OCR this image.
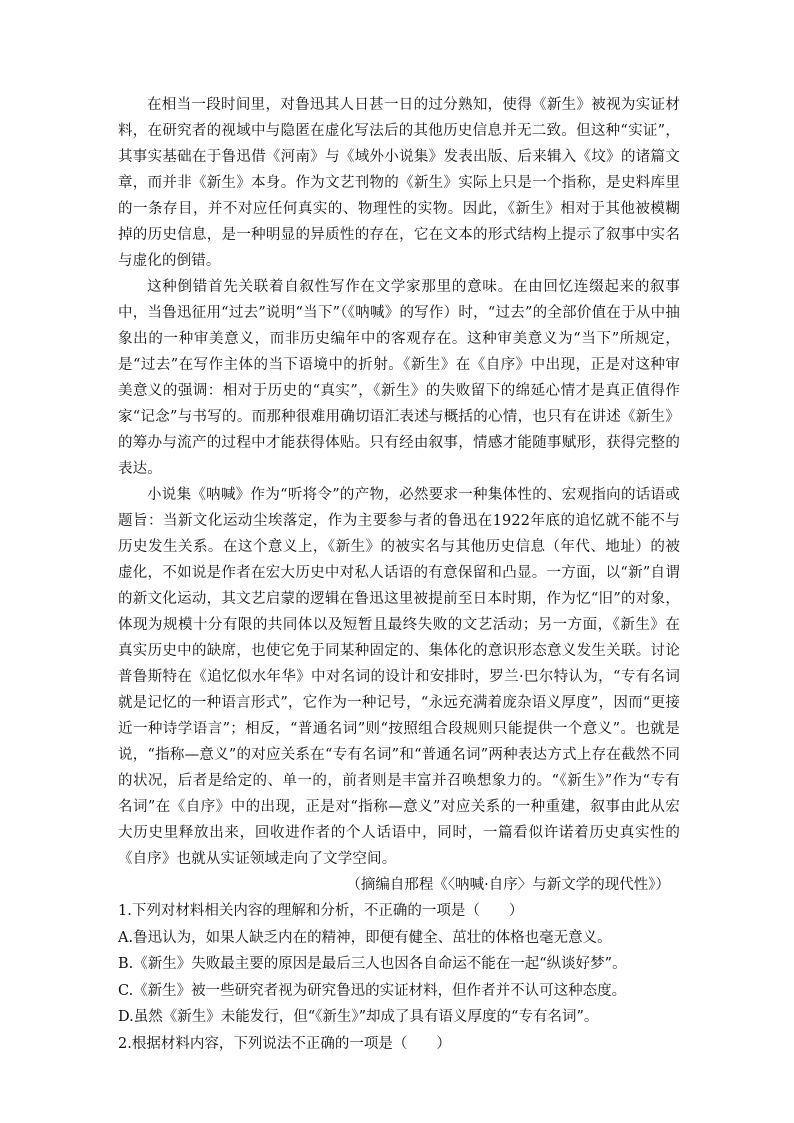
在相当一段时间里，对鲁迅其人日甚一日的过分熟知，使得《新生》被视为实证材料，在研究者的视域中与隐匿在虚化写法后的其他历史信息并无二致。但这种“实证”，其事实基础在于鲁迅借《河南》与《域外小说集》发表出版、后来辑入《坟》的诸篇文章，而并非《新生》本身。作为文艺刊物的《新生》实际上只是一个指称，是史料库里的一条存目，并不对应任何真实的、物理性的实物。因此，《新生》相对于其他被模糊掉的历史信息，是一种明显的异质性的存在，它在文本的形式结构上提示了叙事中实名与虚化的倒错。

这种倒错首先关联着自叙性写作在文学家那里的意味。在由回忆连缀起来的叙事中，当鲁迅征用“过去”说明“当下”（《呐喊》的写作）时，“过去”的全部价值在于从中抽象出的一种审美意义，而非历史编年中的客观存在。这种审美意义为“当下”所规定，是“过去”在写作主体的当下语境中的折射。《新生》在《自序》中出现，正是对这种审美意义的强调：相对于历史的“真实”，《新生》的失败留下的绵延心情才是真正值得作家“记念”与书写的。而那种很难用确切语汇表述与概括的心情，也只有在讲述《新生》的筹办与流产的过程中才能获得体贴。只有经由叙事，情感才能随事赋形，获得完整的表达。

小说集《呐喊》作为“听将令”的产物，必然要求一种集体性的、宏观指向的话语或题旨：当新文化运动尘埃落定，作为主要参与者的鲁迅在1922年底的追忆就不能不与历史发生关系。在这个意义上，《新生》的被实名与其他历史信息（年代、地址）的被虚化，不如说是作者在宏大历史中对私人话语的有意保留和凸显。一方面，以“新”自谓的新文化运动，其文艺启蒙的逻辑在鲁迅这里被提前至日本时期，作为忆“旧”的对象，体现为规模十分有限的共同体以及短暂且最终失败的文艺活动；另一方面，《新生》在真实历史中的缺席，也使它免于同某种固定的、集体化的意识形态意义发生关联。讨论普鲁斯特在《追忆似水年华》中对名词的设计和安排时，罗兰·巴尔特认为，“专有名词就是记忆的一种语言形式”，它作为一种记号，“永远充满着庞杂语义厚度”，因而“更接近一种诗学语言”；相反，“普通名词”则“按照组合段规则只能提供一个意义”。也就是说，“指称—意义”的对应关系在“专有名词”和“普通名词”两种表达方式上存在截然不同的状况，后者是给定的、单一的，前者则是丰富并召唤想象力的。“《新生》”作为“专有名词”在《自序》中的出现，正是对“指称—意义”对应关系的一种重建，叙事由此从宏大历史里释放出来，回收进作者的个人话语中，同时，一篇看似许诺着历史真实性的《自序》也就从实证领域走向了文学空间。

（摘编自邢程《〈呐喊·自序〉与新文学的现代性》）

1.下列对材料相关内容的理解和分析，不正确的一项是（　　）

A.鲁迅认为，如果人缺乏内在的精神，即便有健全、茁壮的体格也毫无意义。

B.《新生》失败最主要的原因是最后三人也因各自命运不能在一起“纵谈好梦”。

C.《新生》被一些研究者视为研究鲁迅的实证材料，但作者并不认可这种态度。

D.虽然《新生》未能发行，但“《新生》”却成了具有语义厚度的“专有名词”。

2.根据材料内容，下列说法不正确的一项是（　　）
